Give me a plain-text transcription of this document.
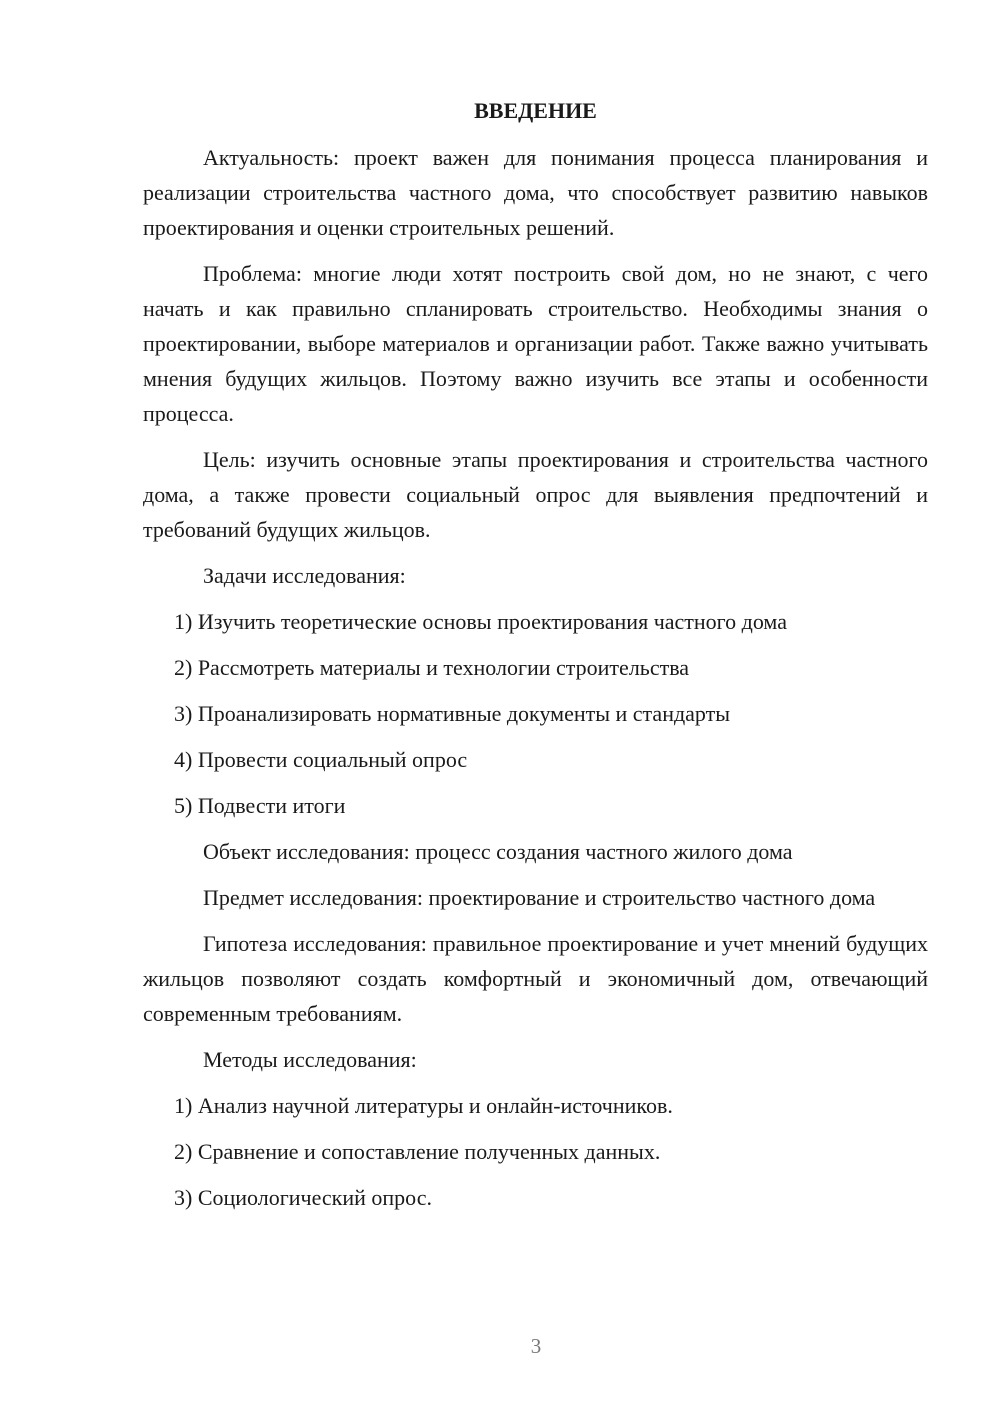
ВВЕДЕНИЕ

Актуальность: проект важен для понимания процесса планирования и реализации строительства частного дома, что способствует развитию навыков проектирования и оценки строительных решений.

Проблема: многие люди хотят построить свой дом, но не знают, с чего начать и как правильно спланировать строительство. Необходимы знания о проектировании, выборе материалов и организации работ. Также важно учитывать мнения будущих жильцов. Поэтому важно изучить все этапы и особенности процесса.

Цель: изучить основные этапы проектирования и строительства частного дома, а также провести социальный опрос для выявления предпочтений и требований будущих жильцов.

Задачи исследования:

1) Изучить теоретические основы проектирования частного дома

2) Рассмотреть материалы и технологии строительства

3) Проанализировать нормативные документы и стандарты

4) Провести социальный опрос

5) Подвести итоги

Объект исследования: процесс создания частного жилого дома

Предмет исследования: проектирование и строительство частного дома

Гипотеза исследования: правильное проектирование и учет мнений будущих жильцов позволяют создать комфортный и экономичный дом, отвечающий современным требованиям.

Методы исследования:

1) Анализ научной литературы и онлайн-источников.

2) Сравнение и сопоставление полученных данных.

3) Социологический опрос.

3
